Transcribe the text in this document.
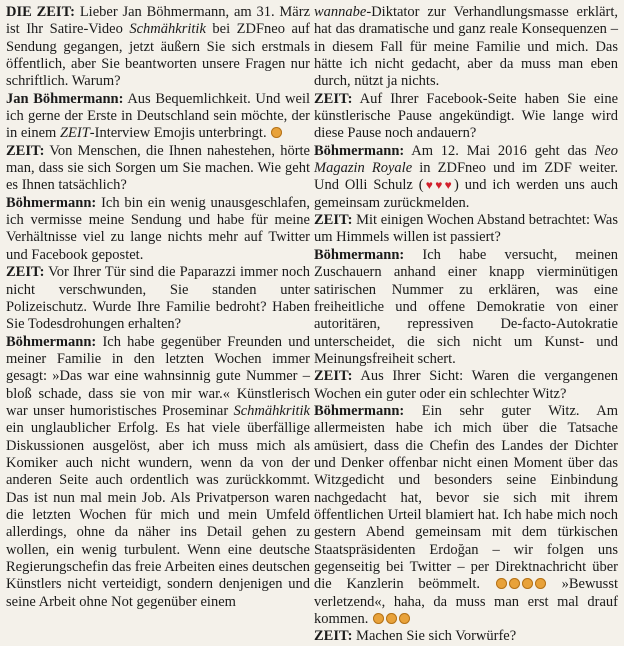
DIE ZEIT: Lieber Jan Böhmermann, am 31. März ist Ihr Satire-Video Schmähkritik bei ZDFneo auf Sendung gegangen, jetzt äußern Sie sich erstmals öffentlich, aber Sie beantworten unsere Fragen nur schriftlich. Warum?

Jan Böhmermann: Aus Bequemlichkeit. Und weil ich gerne der Erste in Deutschland sein möchte, der in einem ZEIT-Interview Emojis unterbringt.

ZEIT: Von Menschen, die Ihnen nahestehen, hörte man, dass sie sich Sorgen um Sie machen. Wie geht es Ihnen tatsächlich?

Böhmermann: Ich bin ein wenig unausgeschlafen, ich vermisse meine Sendung und habe für meine Verhältnisse viel zu lange nichts mehr auf Twitter und Facebook gepostet.

ZEIT: Vor Ihrer Tür sind die Paparazzi immer noch nicht verschwunden, Sie standen unter Polizeischutz. Wurde Ihre Familie bedroht? Haben Sie Todesdrohungen erhalten?

Böhmermann: Ich habe gegenüber Freunden und meiner Familie in den letzten Wochen immer gesagt: »Das war eine wahnsinnig gute Nummer – bloß schade, dass sie von mir war.« Künstlerisch war unser humoristisches Proseminar Schmähkritik ein unglaublicher Erfolg. Es hat viele überfällige Diskussionen ausgelöst, aber ich muss mich als Komiker auch nicht wundern, wenn da von der anderen Seite auch ordentlich was zurückkommt. Das ist nun mal mein Job. Als Privatperson waren die letzten Wochen für mich und mein Umfeld allerdings, ohne da näher ins Detail gehen zu wollen, ein wenig turbulent. Wenn eine deutsche Regierungschefin das freie Arbeiten eines deutschen Künstlers nicht verteidigt, sondern denjenigen und seine Arbeit ohne Not gegenüber einem

wannabe-Diktator zur Verhandlungsmasse erklärt, hat das dramatische und ganz reale Konsequenzen – in diesem Fall für meine Familie und mich. Das hätte ich nicht gedacht, aber da muss man eben durch, nützt ja nichts.

ZEIT: Auf Ihrer Facebook-Seite haben Sie eine künstlerische Pause angekündigt. Wie lange wird diese Pause noch andauern?

Böhmermann: Am 12. Mai 2016 geht das Neo Magazin Royale in ZDFneo und im ZDF weiter. Und Olli Schulz (♥♥♥) und ich werden uns auch gemeinsam zurückmelden.

ZEIT: Mit einigen Wochen Abstand betrachtet: Was um Himmels willen ist passiert?

Böhmermann: Ich habe versucht, meinen Zuschauern anhand einer knapp vierminütigen satirischen Nummer zu erklären, was eine freiheitliche und offene Demokratie von einer autoritären, repressiven De-facto-Autokratie unterscheidet, die sich nicht um Kunst- und Meinungsfreiheit schert.

ZEIT: Aus Ihrer Sicht: Waren die vergangenen Wochen ein guter oder ein schlechter Witz?

Böhmermann: Ein sehr guter Witz. Am allermeisten habe ich mich über die Tatsache amüsiert, dass die Chefin des Landes der Dichter und Denker offenbar nicht einen Moment über das Witzgedicht und besonders seine Einbindung nachgedacht hat, bevor sie sich mit ihrem öffentlichen Urteil blamiert hat. Ich habe mich noch gestern Abend gemeinsam mit dem türkischen Staatspräsidenten Erdoğan – wir folgen uns gegenseitig bei Twitter – per Direktnachricht über die Kanzlerin beömmelt.	»Bewusst verletzend«, haha, da muss man erst mal drauf kommen.

ZEIT: Machen Sie sich Vorwürfe?
